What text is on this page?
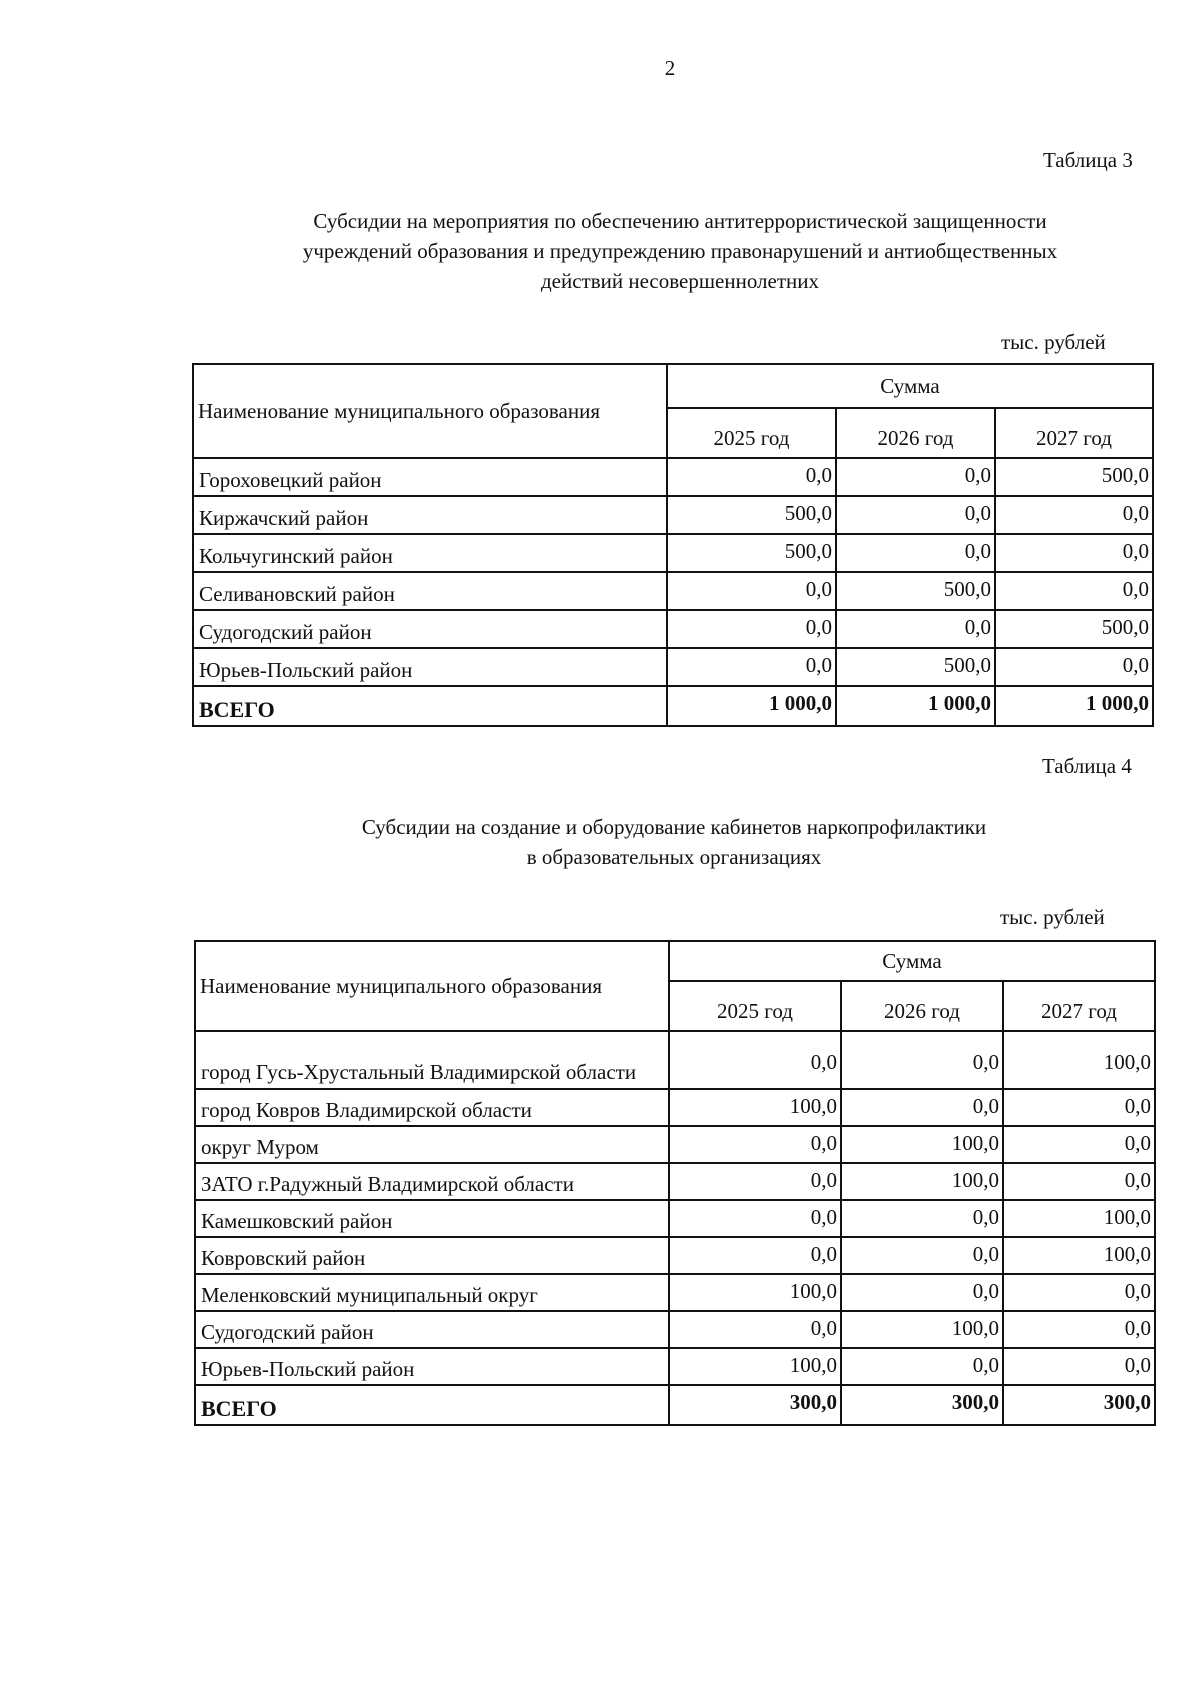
2
Таблица 3
Субсидии на мероприятия по обеспечению антитеррористической защищенности
учреждений образования и предупреждению правонарушений и антиобщественных
действий несовершеннолетних
тыс. рублей
Наименование муниципального образования	Сумма		
	2025 год	2026 год	2027 год
Гороховецкий район	0,0	0,0	500,0
Киржачский район	500,0	0,0	0,0
Кольчугинский район	500,0	0,0	0,0
Селивановский район	0,0	500,0	0,0
Судогодский район	0,0	0,0	500,0
Юрьев-Польский район	0,0	500,0	0,0
ВСЕГО	1 000,0	1 000,0	1 000,0
Таблица 4
Субсидии на создание и оборудование кабинетов наркопрофилактики
в образовательных организациях
тыс. рублей
Наименование муниципального образования	Сумма		
	2025 год	2026 год	2027 год
город Гусь-Хрустальный Владимирской области	0,0	0,0	100,0
город Ковров Владимирской области	100,0	0,0	0,0
округ Муром	0,0	100,0	0,0
ЗАТО г.Радужный Владимирской области	0,0	100,0	0,0
Камешковский район	0,0	0,0	100,0
Ковровский район	0,0	0,0	100,0
Меленковский муниципальный округ	100,0	0,0	0,0
Судогодский район	0,0	100,0	0,0
Юрьев-Польский район	100,0	0,0	0,0
ВСЕГО	300,0	300,0	300,0
